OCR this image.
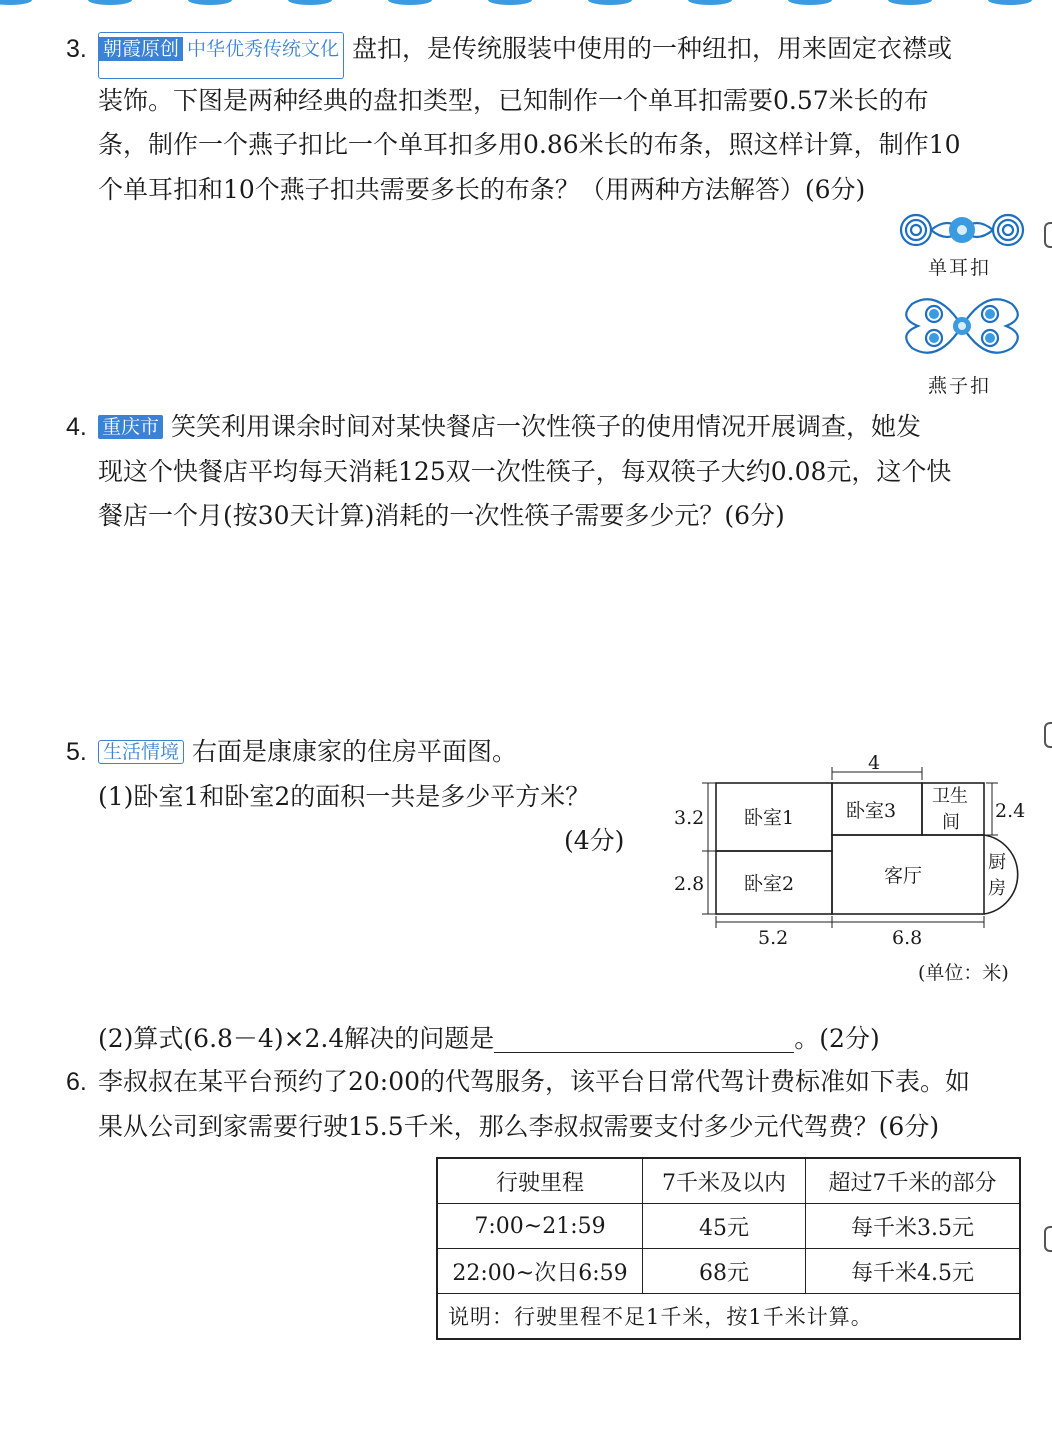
3. 朝霞原创 中华优秀传统文化 盘扣，是传统服装中使用的一种纽扣，用来固定衣襟或
装饰。下图是两种经典的盘扣类型，已知制作一个单耳扣需要0.57米长的布
条，制作一个燕子扣比一个单耳扣多用0.86米长的布条，照这样计算，制作10
个单耳扣和10个燕子扣共需要多长的布条？（用两种方法解答）(6分)
单耳扣
燕子扣
4. 重庆市 笑笑利用课余时间对某快餐店一次性筷子的使用情况开展调查，她发
现这个快餐店平均每天消耗125双一次性筷子，每双筷子大约0.08元，这个快
餐店一个月(按30天计算)消耗的一次性筷子需要多少元？(6分)
5. 生活情境 右面是康康家的住房平面图。
(1)卧室1和卧室2的面积一共是多少平方米？
(4分)
4
3.2
2.8
2.4
5.2	6.8
卧室1
卧室2
卧室3
客厅
卫生
间
厨
房
(单位：米)
(2)算式(6.8－4)×2.4解决的问题是	。(2分)
6. 李叔叔在某平台预约了20:00的代驾服务，该平台日常代驾计费标准如下表。如
果从公司到家需要行驶15.5千米，那么李叔叔需要支付多少元代驾费？(6分)
行驶里程	7千米及以内	超过7千米的部分
7:00~21:59	45元	每千米3.5元
22:00~次日6:59	68元	每千米4.5元
说明：行驶里程不足1千米，按1千米计算。		
